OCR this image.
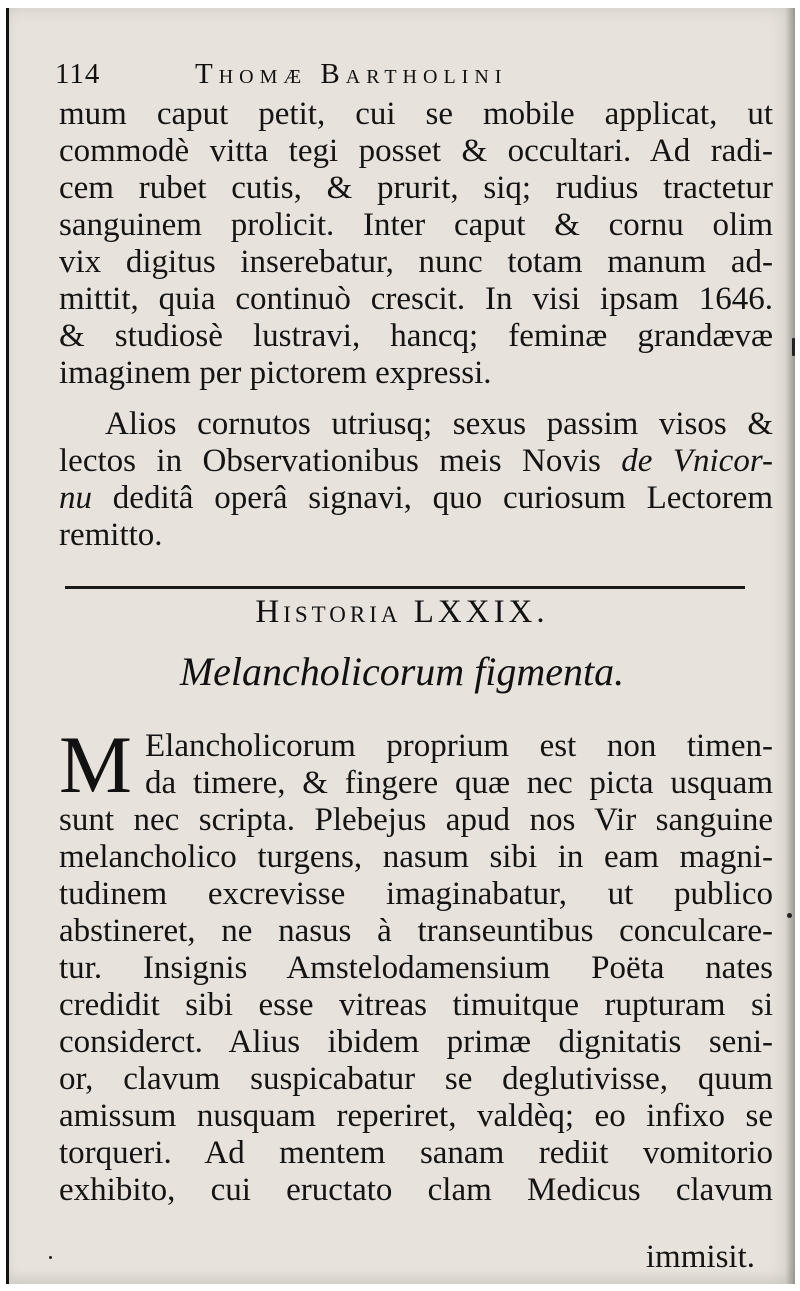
114	Thomæ Bartholini
mum caput petit, cui se mobile applicat, ut
commodè vitta tegi posset & occultari. Ad radi-
cem rubet cutis, & prurit, siq; rudius tractetur
sanguinem prolicit. Inter caput & cornu olim
vix digitus inserebatur, nunc totam manum ad-
mittit, quia continuò crescit. In visi ipsam 1646.
& studiosè lustravi, hancq; feminæ grandævæ
imaginem per pictorem expressi.
Alios cornutos utriusq; sexus passim visos &
lectos in Observationibus meis Novis de Vnicor-
nu deditâ operâ signavi, quo curiosum Lectorem
remitto.
Historia LXXIX.
Melancholicorum figmenta.
M Elancholicorum proprium est non timen-
da timere, & fingere quæ nec picta usquam
sunt nec scripta. Plebejus apud nos Vir sanguine
melancholico turgens, nasum sibi in eam magni-
tudinem excrevisse imaginabatur, ut publico
abstineret, ne nasus à transeuntibus conculcare-
tur. Insignis Amstelodamensium Poëta nates
credidit sibi esse vitreas timuitque rupturam si
considerct. Alius ibidem primæ dignitatis seni-
or, clavum suspicabatur se deglutivisse, quum
amissum nusquam reperiret, valdèq; eo infixo se
torqueri. Ad mentem sanam rediit vomitorio
exhibito, cui eructato clam Medicus clavum
immisit.
